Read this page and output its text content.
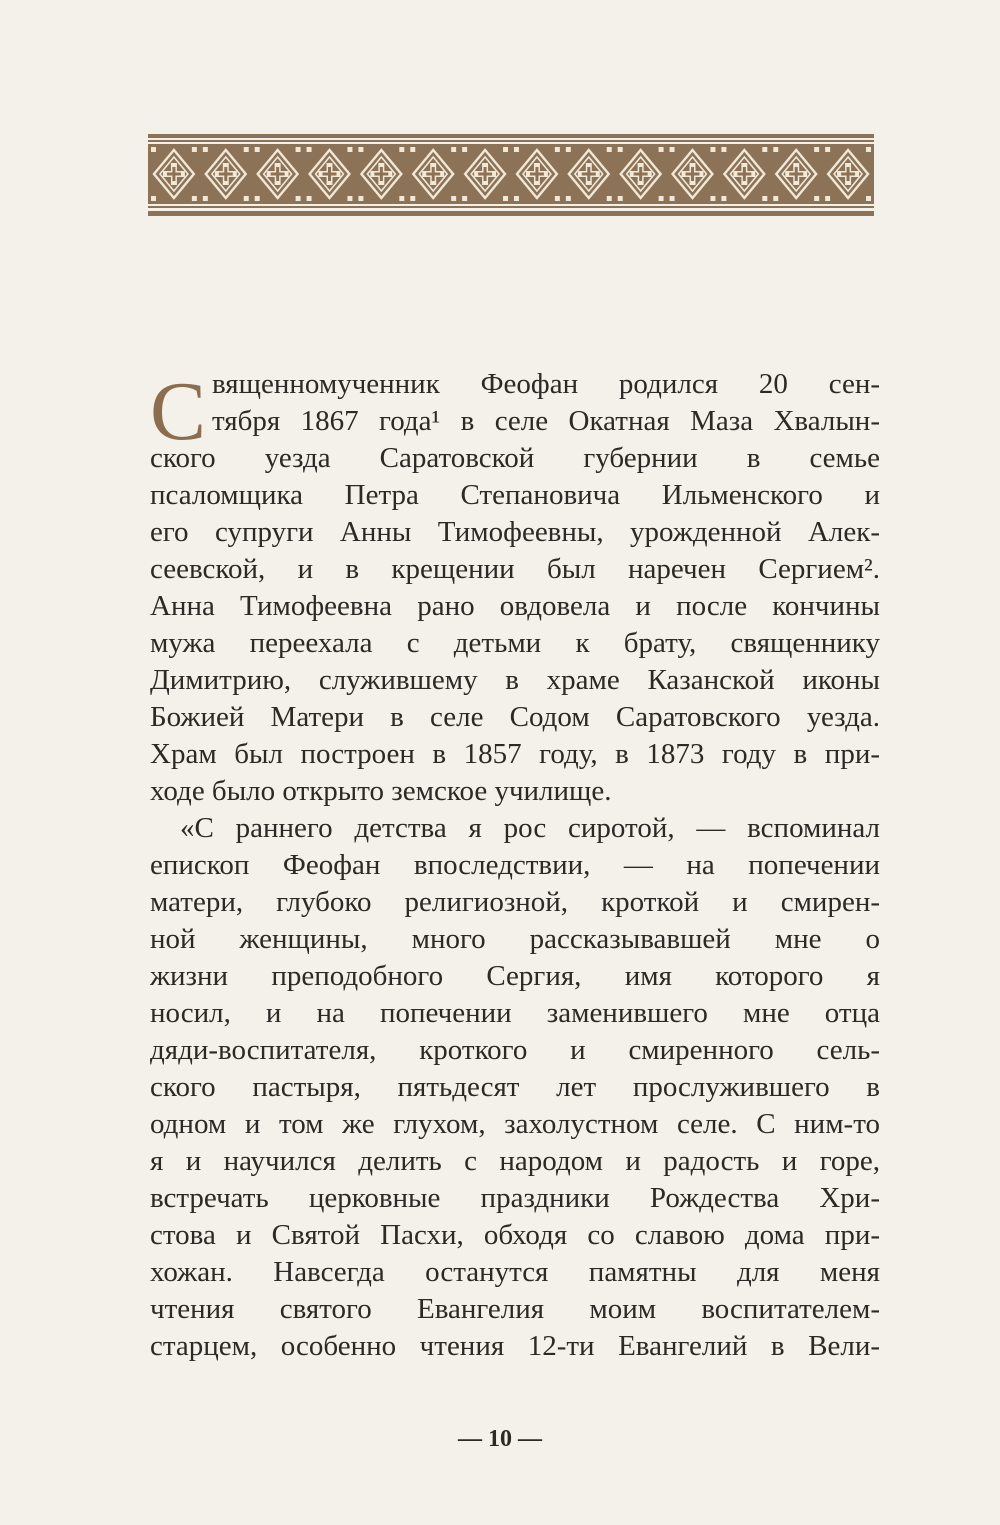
С вященномученник Феофан родился 20 сен-
тября 1867 года¹ в селе Окатная Маза Хвалын-
ского уезда Саратовской губернии в семье
псаломщика Петра Степановича Ильменского и
его супруги Анны Тимофеевны, урожденной Алек-
сеевской, и в крещении был наречен Сергием².
Анна Тимофеевна рано овдовела и после кончины
мужа переехала с детьми к брату, священнику
Димитрию, служившему в храме Казанской иконы
Божией Матери в селе Содом Саратовского уезда.
Храм был построен в 1857 году, в 1873 году в при-
ходе было открыто земское училище.
«С раннего детства я рос сиротой, — вспоминал
епископ Феофан впоследствии, — на попечении
матери, глубоко религиозной, кроткой и смирен-
ной женщины, много рассказывавшей мне о
жизни преподобного Сергия, имя которого я
носил, и на попечении заменившего мне отца
дяди-воспитателя, кроткого и смиренного сель-
ского пастыря, пятьдесят лет прослужившего в
одном и том же глухом, захолустном селе. С ним-то
я и научился делить с народом и радость и горе,
встречать церковные праздники Рождества Хри-
стова и Святой Пасхи, обходя со славою дома при-
хожан. Навсегда останутся памятны для меня
чтения святого Евангелия моим воспитателем-
старцем, особенно чтения 12-ти Евангелий в Вели-
— 10 —
